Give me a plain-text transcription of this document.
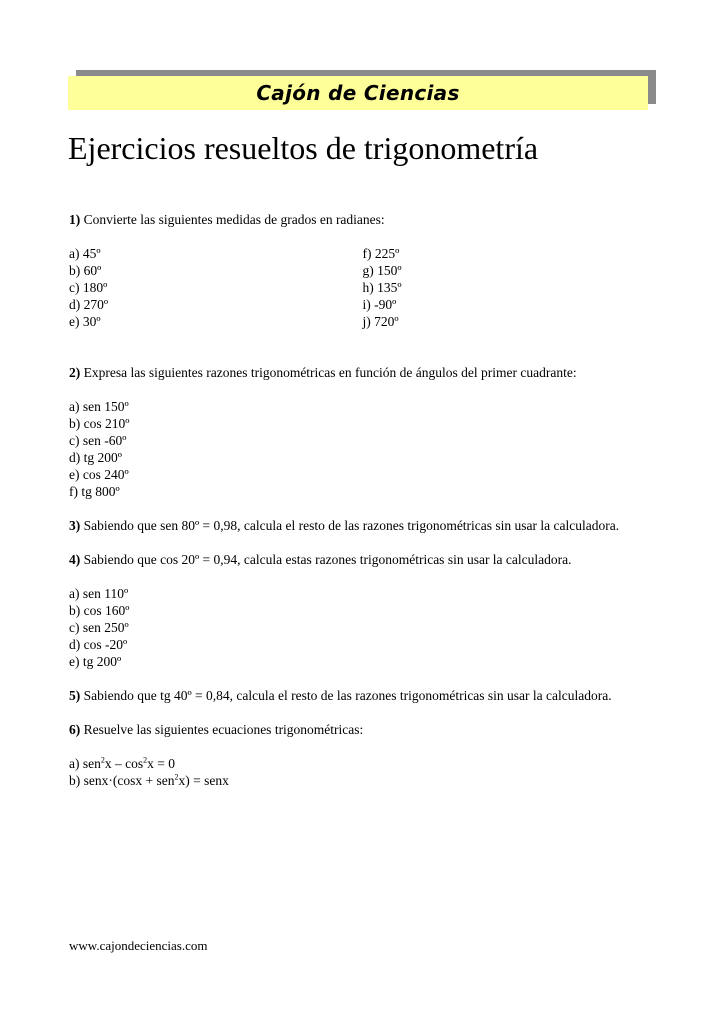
Cajón de Ciencias
Ejercicios resueltos de trigonometría

1) Convierte las siguientes medidas de grados en radianes:

a) 45º
b) 60º
c) 180º
d) 270º
e) 30º
f) 225º
g) 150º
h) 135º
i) -90º
j) 720º

2) Expresa las siguientes razones trigonométricas en función de ángulos del primer cuadrante:

a) sen 150º
b) cos 210º
c) sen -60º
d) tg 200º
e) cos 240º
f) tg 800º

3) Sabiendo que sen 80º = 0,98, calcula el resto de las razones trigonométricas sin usar la calculadora.

4) Sabiendo que cos 20º = 0,94, calcula estas razones trigonométricas sin usar la calculadora.

a) sen 110º
b) cos 160º
c) sen 250º
d) cos -20º
e) tg 200º

5) Sabiendo que tg 40º = 0,84, calcula el resto de las razones trigonométricas sin usar la calculadora.

6) Resuelve las siguientes ecuaciones trigonométricas:

a) $sen^2x - \cos^2x = 0$
b) senx·(cosx + sen$^2$x) = senx
www.cajondeciencias.com
